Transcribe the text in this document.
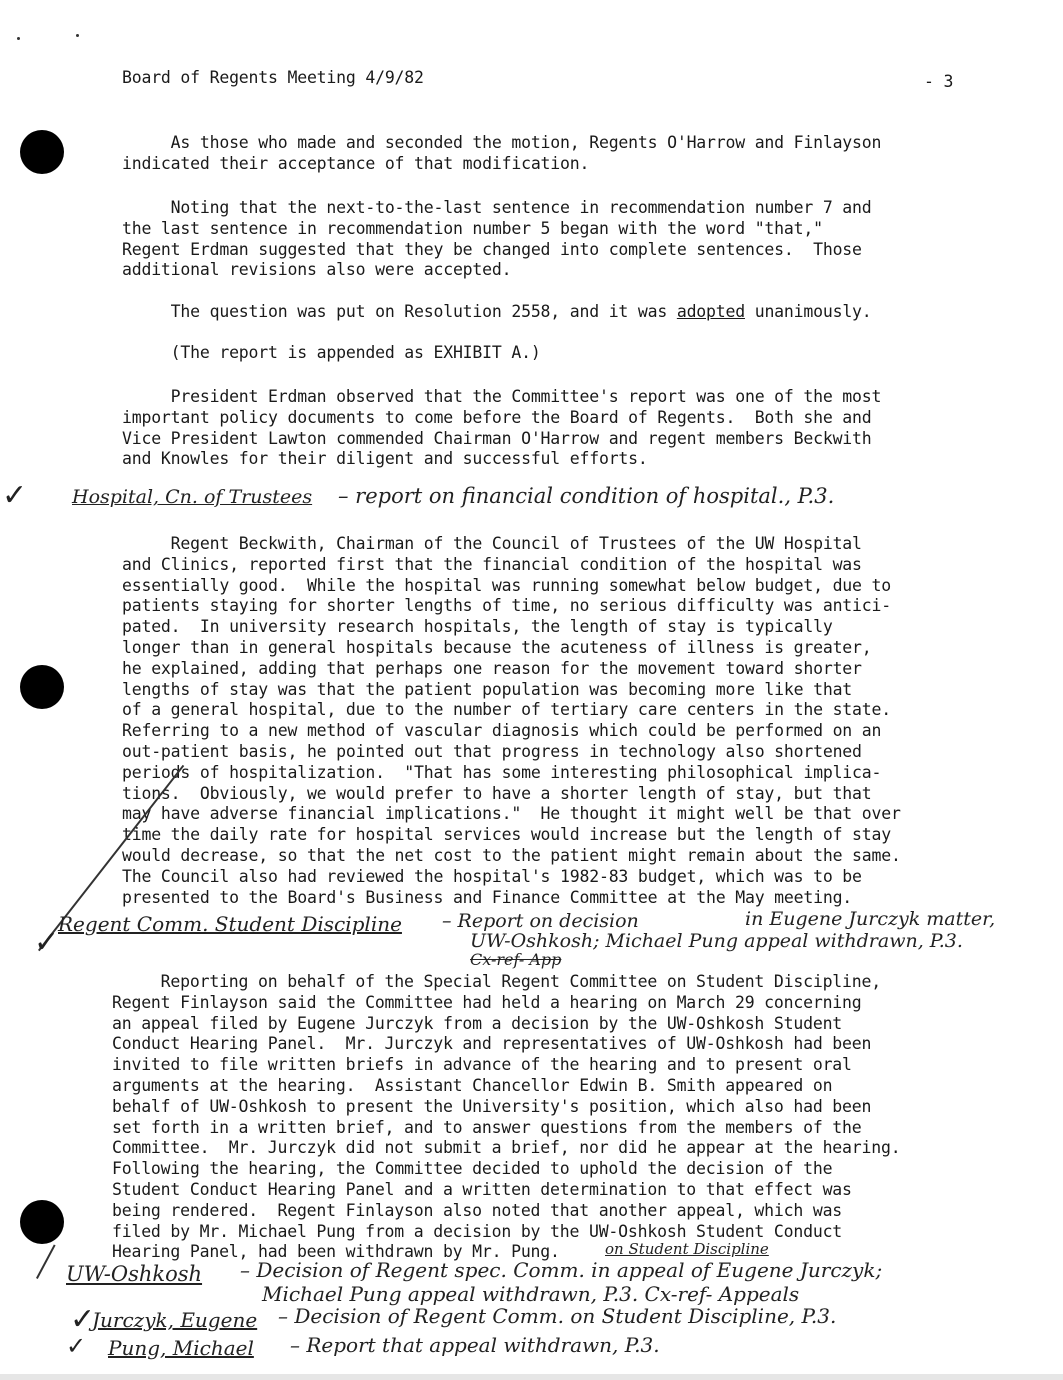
Board of Regents Meeting 4/9/82	- 3
As those who made and seconded the motion, Regents O'Harrow and Finlayson
indicated their acceptance of that modification.
Noting that the next-to-the-last sentence in recommendation number 7 and
the last sentence in recommendation number 5 began with the word "that,"
Regent Erdman suggested that they be changed into complete sentences.  Those
additional revisions also were accepted.
The question was put on Resolution 2558, and it was adopted unanimously.
(The report is appended as EXHIBIT A.)
President Erdman observed that the Committee's report was one of the most
important policy documents to come before the Board of Regents.  Both she and
Vice President Lawton commended Chairman O'Harrow and regent members Beckwith
and Knowles for their diligent and successful efforts.
✓ Hospital, Cn. of Trustees – report on financial condition of hospital., P.3.
Regent Beckwith, Chairman of the Council of Trustees of the UW Hospital
and Clinics, reported first that the financial condition of the hospital was
essentially good.  While the hospital was running somewhat below budget, due to
patients staying for shorter lengths of time, no serious difficulty was antici-
pated.  In university research hospitals, the length of stay is typically
longer than in general hospitals because the acuteness of illness is greater,
he explained, adding that perhaps one reason for the movement toward shorter
lengths of stay was that the patient population was becoming more like that
of a general hospital, due to the number of tertiary care centers in the state.
Referring to a new method of vascular diagnosis which could be performed on an
out-patient basis, he pointed out that progress in technology also shortened
periods of hospitalization.  "That has some interesting philosophical implica-
tions.  Obviously, we would prefer to have a shorter length of stay, but that
may have adverse financial implications."  He thought it might well be that over
time the daily rate for hospital services would increase but the length of stay
would decrease, so that the net cost to the patient might remain about the same.
The Council also had reviewed the hospital's 1982-83 budget, which was to be
presented to the Board's Business and Finance Committee at the May meeting.
Regent Comm. Student Discipline – Report on decision	in Eugene Jurczyk matter,
UW-Oshkosh; Michael Pung appeal withdrawn, P.3.
Cx-ref- App
✓
Reporting on behalf of the Special Regent Committee on Student Discipline,
Regent Finlayson said the Committee had held a hearing on March 29 concerning
an appeal filed by Eugene Jurczyk from a decision by the UW-Oshkosh Student
Conduct Hearing Panel.  Mr. Jurczyk and representatives of UW-Oshkosh had been
invited to file written briefs in advance of the hearing and to present oral
arguments at the hearing.  Assistant Chancellor Edwin B. Smith appeared on
behalf of UW-Oshkosh to present the University's position, which also had been
set forth in a written brief, and to answer questions from the members of the
Committee.  Mr. Jurczyk did not submit a brief, nor did he appear at the hearing.
Following the hearing, the Committee decided to uphold the decision of the
Student Conduct Hearing Panel and a written determination to that effect was
being rendered.  Regent Finlayson also noted that another appeal, which was
filed by Mr. Michael Pung from a decision by the UW-Oshkosh Student Conduct
Hearing Panel, had been withdrawn by Mr. Pung.	on Student Discipline
UW-Oshkosh – Decision of Regent spec. Comm. in appeal of Eugene Jurczyk;
Michael Pung appeal withdrawn, P.3. Cx-ref- Appeals
✓
Jurczyk, Eugene – Decision of Regent Comm. on Student Discipline, P.3.
✓ Pung, Michael – Report that appeal withdrawn, P.3.
